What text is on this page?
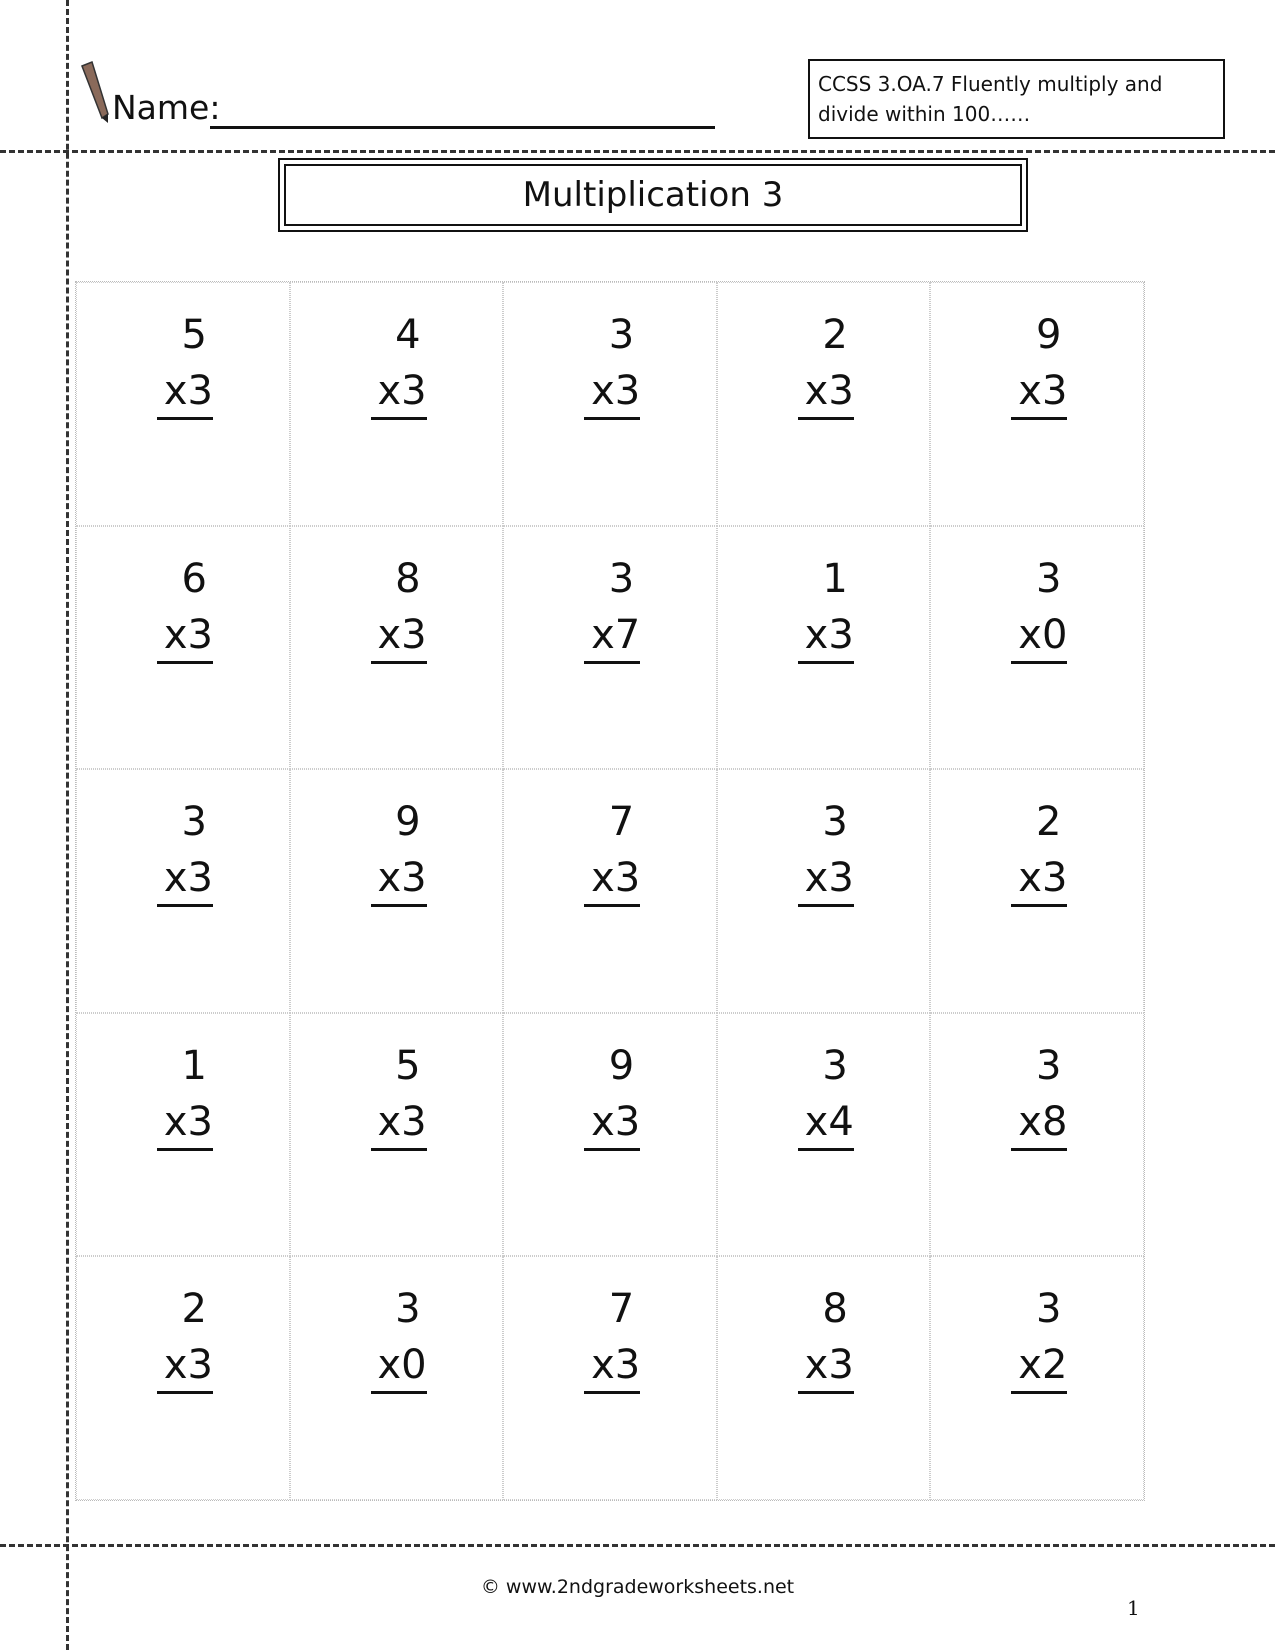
Name:
CCSS 3.OA.7 Fluently multiply and divide within 100……
Multiplication 3
5
x3
4
x3
3
x3
2
x3
9
x3
6
x3
8
x3
3
x7
1
x3
3
x0
3
x3
9
x3
7
x3
3
x3
2
x3
1
x3
5
x3
9
x3
3
x4
3
x8
2
x3
3
x0
7
x3
8
x3
3
x2
© www.2ndgradeworksheets.net
1
